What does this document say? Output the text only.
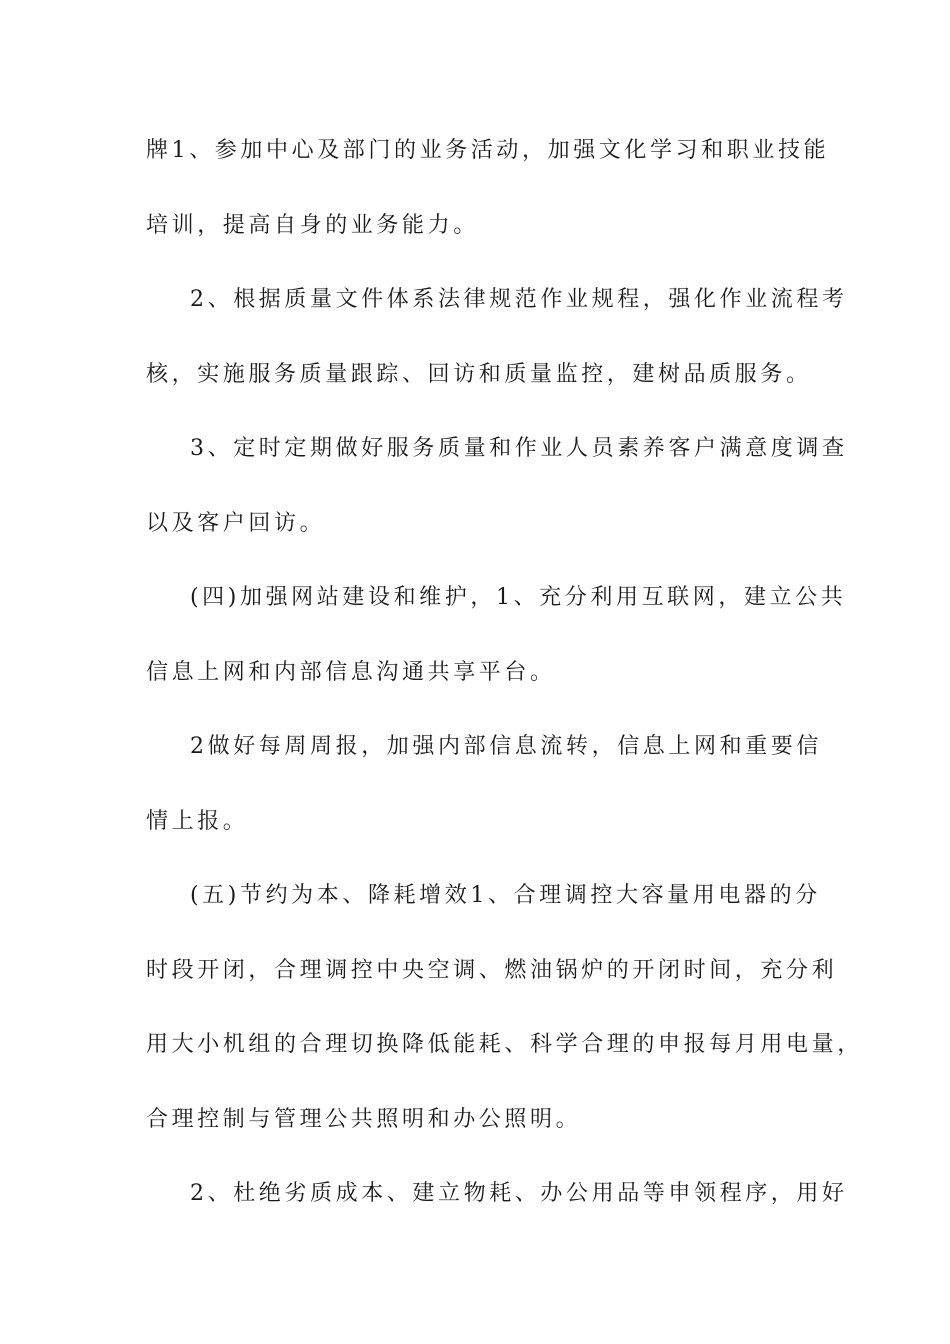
牌1、参加中心及部门的业务活动，加强文化学习和职业技能
培训，提高自身的业务能力。
2、根据质量文件体系法律规范作业规程，强化作业流程考
核，实施服务质量跟踪、回访和质量监控，建树品质服务。
3、定时定期做好服务质量和作业人员素养客户满意度调查
以及客户回访。
(四)加强网站建设和维护，1、充分利用互联网，建立公共
信息上网和内部信息沟通共享平台。
2做好每周周报，加强内部信息流转，信息上网和重要信
情上报。
(五)节约为本、降耗增效1、合理调控大容量用电器的分
时段开闭，合理调控中央空调、燃油锅炉的开闭时间，充分利
用大小机组的合理切换降低能耗、科学合理的申报每月用电量，
合理控制与管理公共照明和办公照明。
2、杜绝劣质成本、建立物耗、办公用品等申领程序，用好
